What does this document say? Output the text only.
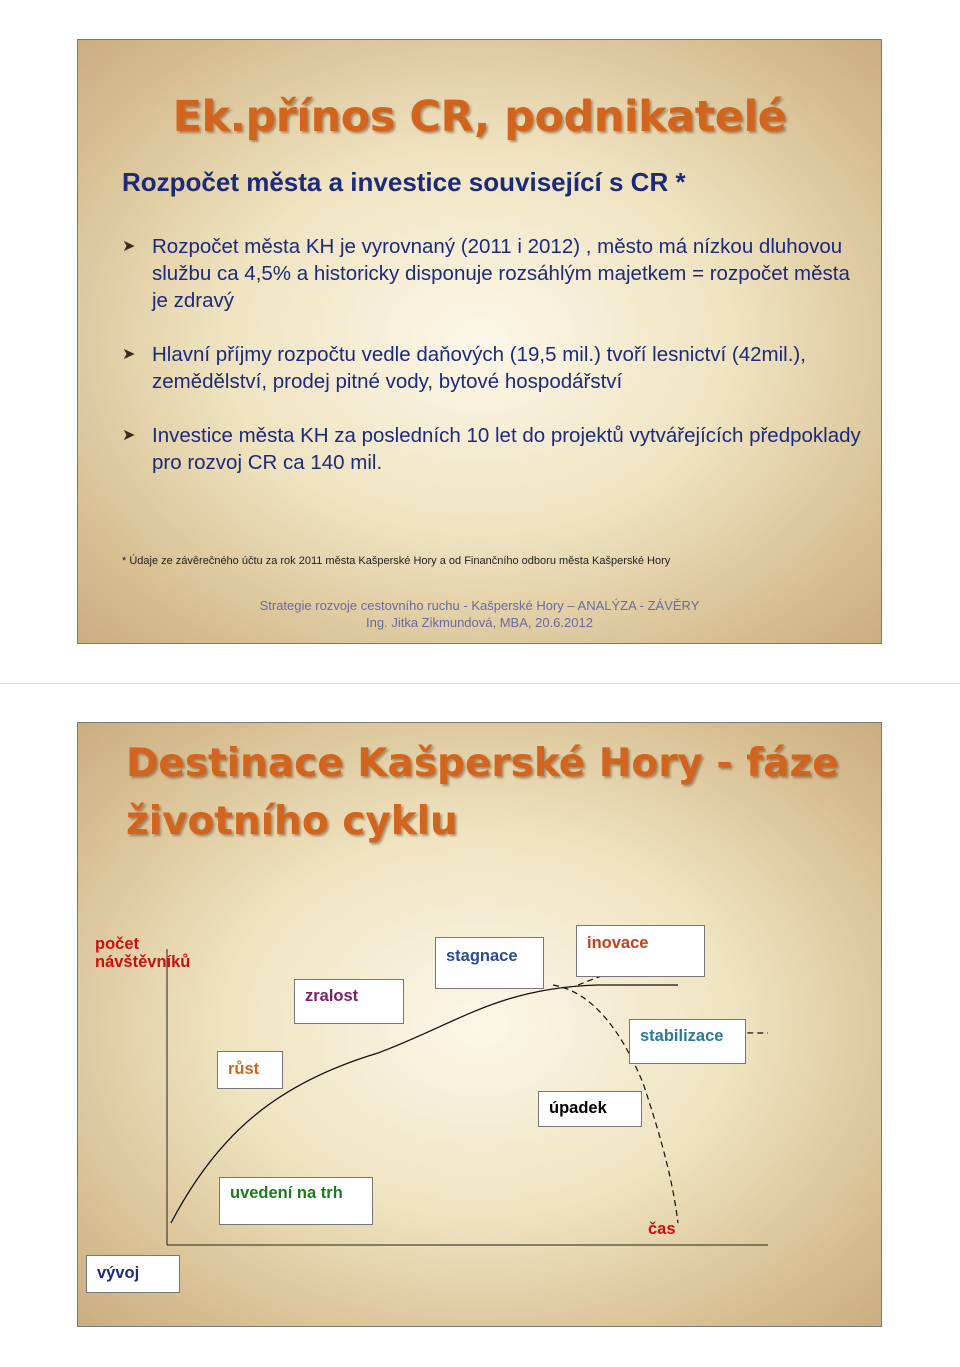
Ek.přínos CR, podnikatelé
Rozpočet města a investice související s CR *
➤ Rozpočet města KH je vyrovnaný (2011 i 2012) , město má nízkou dluhovou službu ca 4,5% a historicky disponuje rozsáhlým majetkem = rozpočet města je zdravý
➤ Hlavní příjmy rozpočtu vedle daňových (19,5 mil.) tvoří lesnictví (42mil.), zemědělství, prodej pitné vody, bytové hospodářství
➤ Investice města KH za posledních 10 let do projektů vytvářejících předpoklady pro rozvoj CR ca 140 mil.
* Údaje ze závěrečného účtu za rok 2011 města Kašperské Hory a od Finančního odboru města Kašperské Hory
Strategie rozvoje cestovního ruchu - Kašperské Hory – ANALÝZA - ZÁVĚRY
Ing. Jitka Zikmundová, MBA, 20.6.2012
Destinace Kašperské Hory - fáze
životního cyklu
počet
návštěvníků	stagnace
inovace
zralost
stabilizace
růst
úpadek
uvedení na trh
čas
vývoj
